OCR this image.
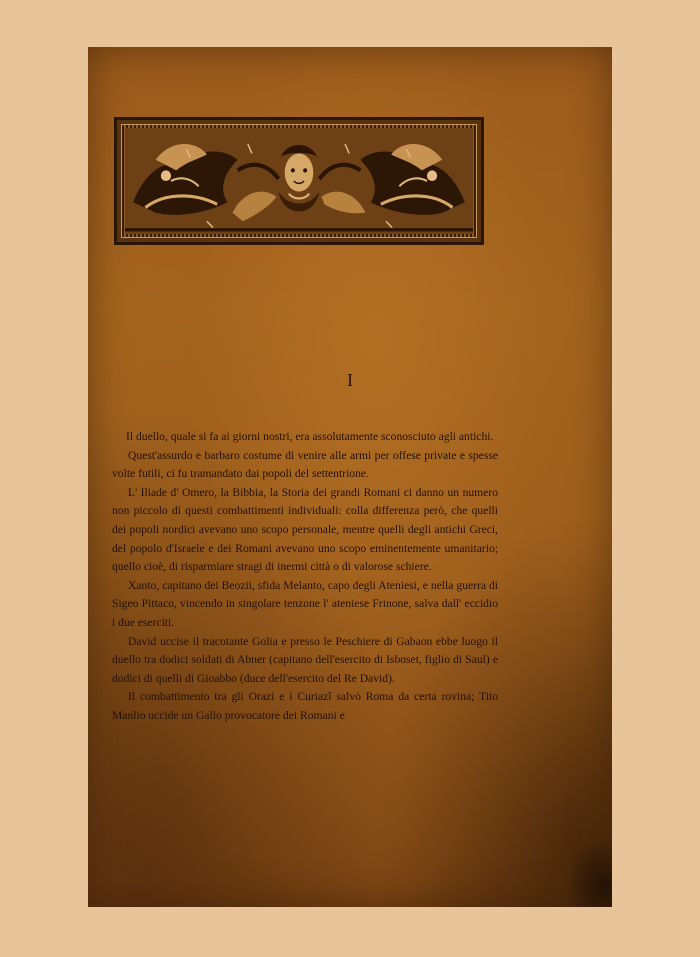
I

Il duello, quale si fa ai giorni nostri, era assolutamente sconosciuto agli antichi.

Quest'assurdo e barbaro costume di venire alle armi per offese private e spesse volte futili, ci fu tramandato dai popoli del settentrione.

L' Iliade d' Omero, la Bibbia, la Storia dei grandi Romani ci danno un numero non piccolo di questi combattimenti individuali: colla differenza però, che quelli dei popoli nordici avevano uno scopo personale, mentre quelli degli antichi Greci, del popolo d'Israele e dei Romani avevano uno scopo eminentemente umanitario; quello cioè, di risparmiare stragi di inermi città o di valorose schiere.

Xanto, capitano dei Beozii, sfida Melanto, capo degli Ateniesi, e nella guerra di Sigeo Pittaco, vincendo in singolare tenzone l' ateniese Frinone, salva dall' eccidio i due eserciti.

David uccise il tracotante Golia e presso le Peschiere di Gabaon ebbe luogo il duello tra dodici soldati di Abner (capitano dell'esercito di Isboset, figlio di Saul) e dodici di quelli di Gioabbo (duce dell'esercito del Re David).

Il combattimento tra gli Orazi e i Curiazî salvò Roma da certa rovina; Tito Manlio uccide un Gallo provocatore dei Romani e
